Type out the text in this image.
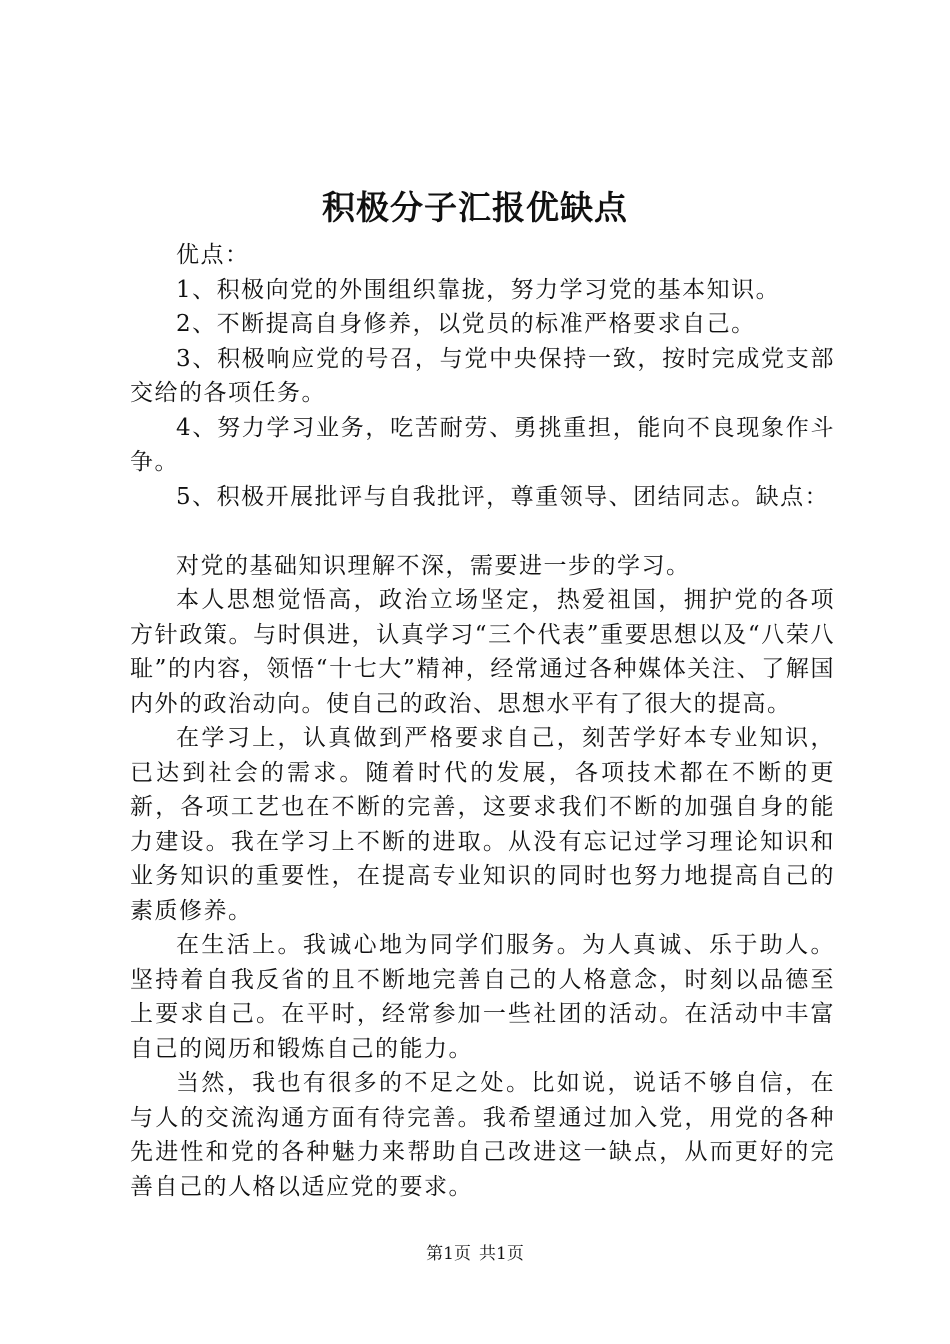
积极分子汇报优缺点

优点：

1、积极向党的外围组织靠拢，努力学习党的基本知识。

2、不断提高自身修养，以党员的标准严格要求自己。

3、积极响应党的号召，与党中央保持一致，按时完成党支部交给的各项任务。

4、努力学习业务，吃苦耐劳、勇挑重担，能向不良现象作斗争。

5、积极开展批评与自我批评，尊重领导、团结同志。缺点：

对党的基础知识理解不深，需要进一步的学习。

本人思想觉悟高，政治立场坚定，热爱祖国，拥护党的各项方针政策。与时俱进，认真学习“三个代表”重要思想以及“八荣八耻”的内容，领悟“十七大”精神，经常通过各种媒体关注、了解国内外的政治动向。使自己的政治、思想水平有了很大的提高。

在学习上，认真做到严格要求自己，刻苦学好本专业知识，已达到社会的需求。随着时代的发展，各项技术都在不断的更新，各项工艺也在不断的完善，这要求我们不断的加强自身的能力建设。我在学习上不断的进取。从没有忘记过学习理论知识和业务知识的重要性，在提高专业知识的同时也努力地提高自己的素质修养。

在生活上。我诚心地为同学们服务。为人真诚、乐于助人。坚持着自我反省的且不断地完善自己的人格意念，时刻以品德至上要求自己。在平时，经常参加一些社团的活动。在活动中丰富自己的阅历和锻炼自己的能力。

当然，我也有很多的不足之处。比如说，说话不够自信，在与人的交流沟通方面有待完善。我希望通过加入党，用党的各种先进性和党的各种魅力来帮助自己改进这一缺点，从而更好的完善自己的人格以适应党的要求。

第1页 共1页
